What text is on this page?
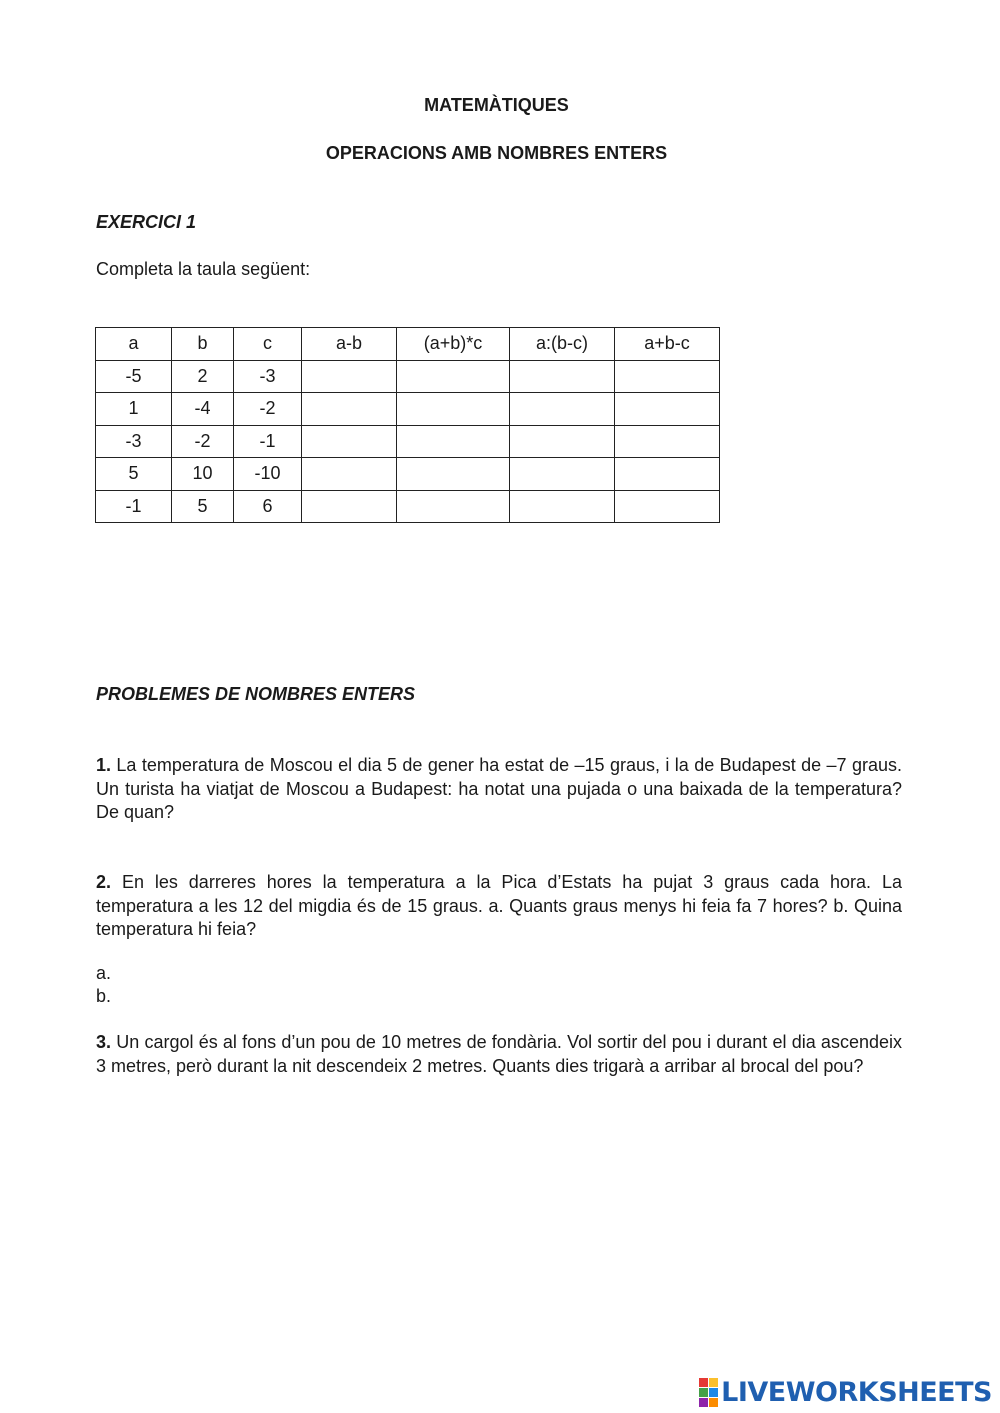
MATEMÀTIQUES
OPERACIONS AMB NOMBRES ENTERS
EXERCICI 1

Completa la taula següent:

a	b	c	a-b	(a+b)*c	a:(b-c)	a+b-c
-5	2	-3				
1	-4	-2				
-3	-2	-1				
5	10	-10				
-1	5	6				
PROBLEMES DE NOMBRES ENTERS

1. La temperatura de Moscou el dia 5 de gener ha estat de –15 graus, i la de Budapest de –7 graus. Un turista ha viatjat de Moscou a Budapest: ha notat una pujada o una baixada de la temperatura? De quan?

2. En les darreres hores la temperatura a la Pica d’Estats ha pujat 3 graus cada hora. La temperatura a les 12 del migdia és de 15 graus. a. Quants graus menys hi feia fa 7 hores? b. Quina temperatura hi feia?

a.

b.

3. Un cargol és al fons d’un pou de 10 metres de fondària. Vol sortir del pou i durant el dia ascendeix 3 metres, però durant la nit descendeix 2 metres. Quants dies trigarà a arribar al brocal del pou?

LIVEWORKSHEETS
